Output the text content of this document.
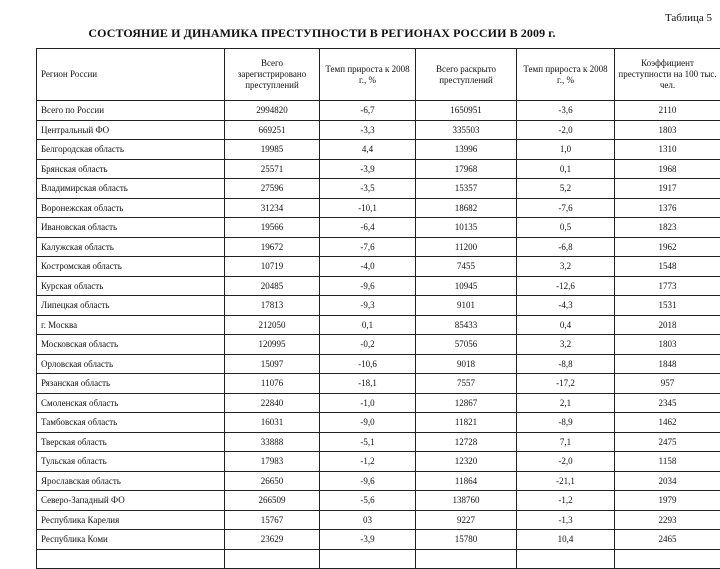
Таблица 5
СОСТОЯНИЕ И ДИНАМИКА ПРЕСТУПНОСТИ В РЕГИОНАХ РОССИИ В 2009 г.
Регион России	Всего зарегистрировано преступлений	Темп прироста к 2008 г., %	Всего раскрыто преступлений	Темп прироста к 2008 г., %	Коэффициент преступности на 100 тыс. чел.
Всего по России	2994820	-6,7	1650951	-3,6	2110
Центральный ФО	669251	-3,3	335503	-2,0	1803
Белгородская область	19985	4,4	13996	1,0	1310
Брянская область	25571	-3,9	17968	0,1	1968
Владимирская область	27596	-3,5	15357	5,2	1917
Воронежская область	31234	-10,1	18682	-7,6	1376
Ивановская область	19566	-6,4	10135	0,5	1823
Калужская область	19672	-7,6	11200	-6,8	1962
Костромская область	10719	-4,0	7455	3,2	1548
Курская область	20485	-9,6	10945	-12,6	1773
Липецкая область	17813	-9,3	9101	-4,3	1531
г. Москва	212050	0,1	85433	0,4	2018
Московская область	120995	-0,2	57056	3,2	1803
Орловская область	15097	-10,6	9018	-8,8	1848
Рязанская область	11076	-18,1	7557	-17,2	957
Смоленская область	22840	-1,0	12867	2,1	2345
Тамбовская область	16031	-9,0	11821	-8,9	1462
Тверская область	33888	-5,1	12728	7,1	2475
Тульская область	17983	-1,2	12320	-2,0	1158
Ярославская область	26650	-9,6	11864	-21,1	2034
Северо-Западный ФО	266509	-5,6	138760	-1,2	1979
Республика Карелия	15767	03	9227	-1,3	2293
Республика Коми	23629	-3,9	15780	10,4	2465
